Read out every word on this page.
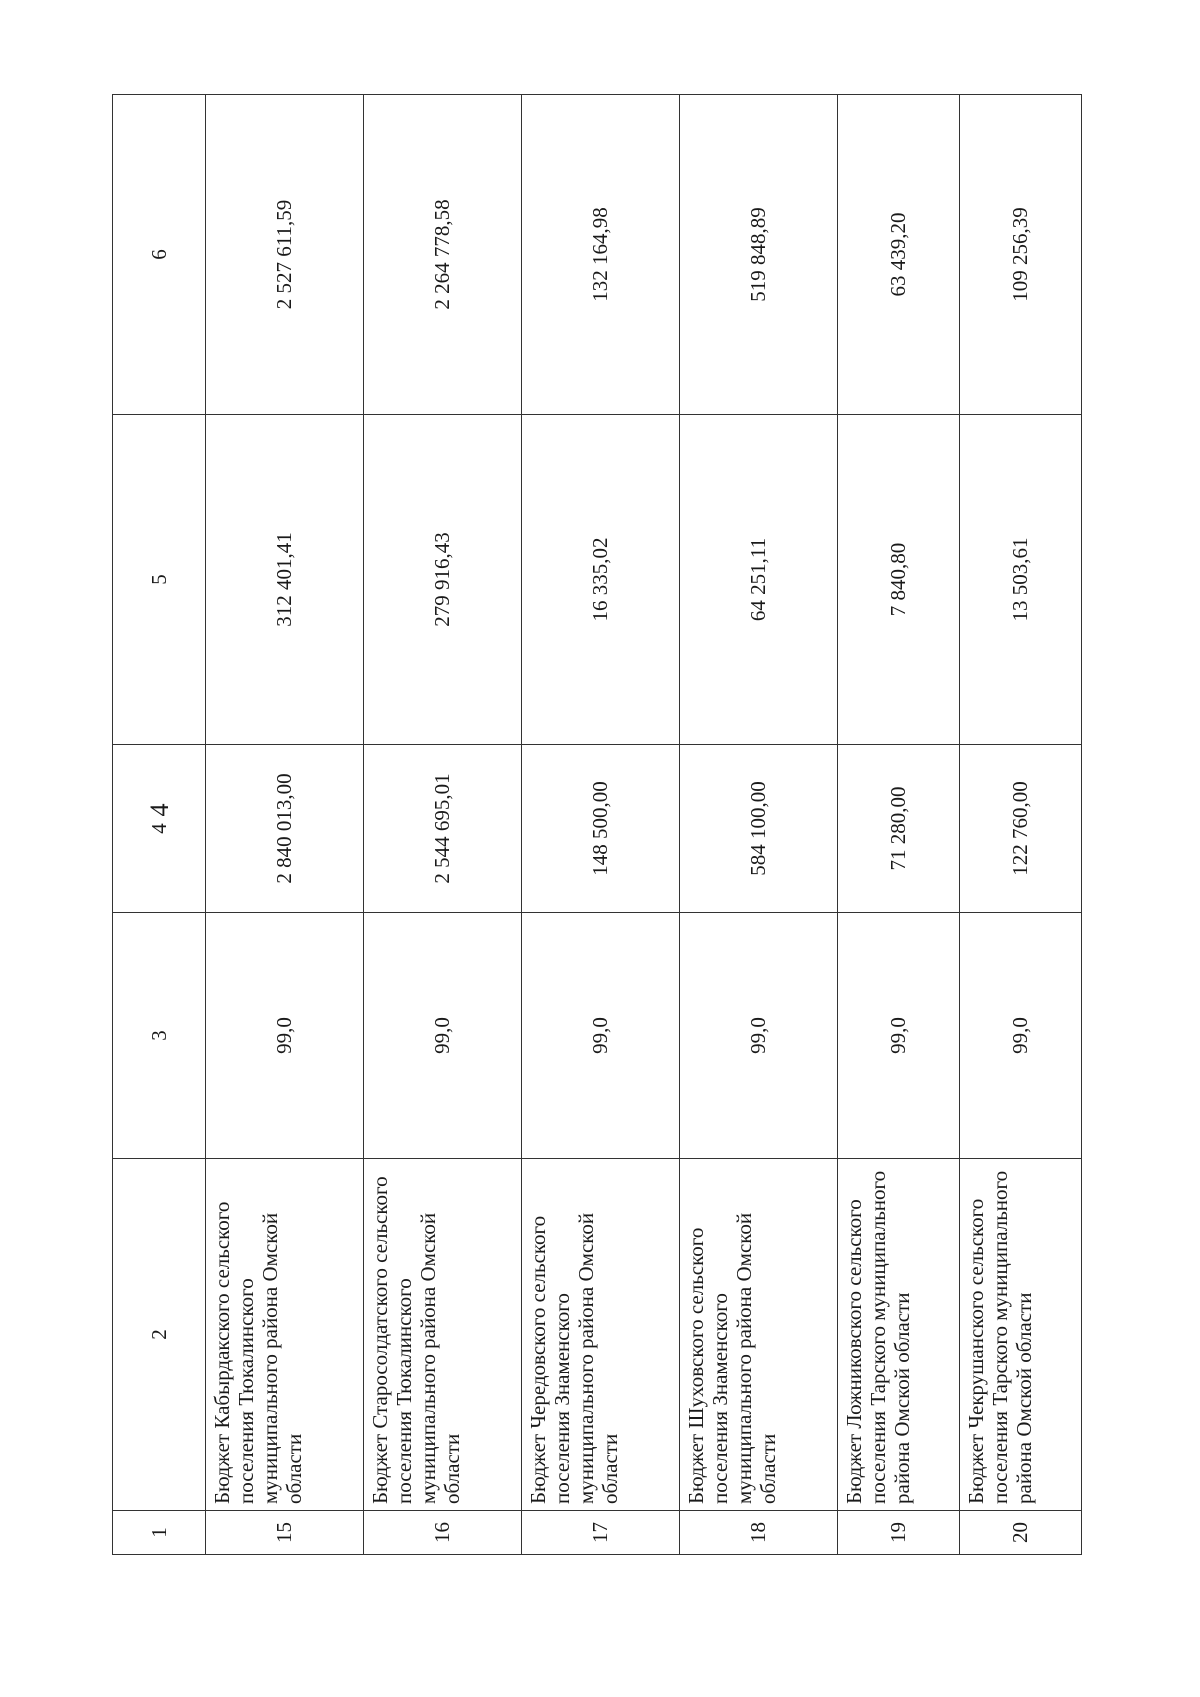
4
1	2	3	4	5	6
15	Бюджет Кабырдакского сельского поселения Тюкалинского муниципального района Омской области	99,0	2 840 013,00	312 401,41	2 527 611,59
16	Бюджет Старосолдатского сельского поселения Тюкалинского муниципального района Омской области	99,0	2 544 695,01	279 916,43	2 264 778,58
17	Бюджет Чередовского сельского поселения Знаменского муниципального района Омской области	99,0	148 500,00	16 335,02	132 164,98
18	Бюджет Шуховского сельского поселения Знаменского муниципального района Омской области	99,0	584 100,00	64 251,11	519 848,89
19	Бюджет Ложниковского сельского поселения Тарского муниципального района Омской области	99,0	71 280,00	7 840,80	63 439,20
20	Бюджет Чекрушанского сельского поселения Тарского муниципального района Омской области	99,0	122 760,00	13 503,61	109 256,39
